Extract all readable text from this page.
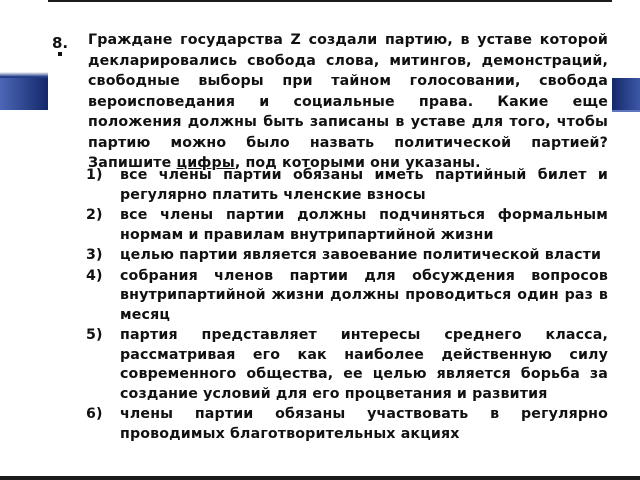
8. Граждане государства Z создали партию, в уставе которой декларировались свобода слова, митингов, демонстраций, свободные выборы при тайном голосовании, свобода вероисповедания и социальные права. Какие еще положения должны быть записаны в уставе для того, чтобы партию можно было назвать политической партией? Запишите цифры, под которыми они указаны.

1) все члены партии обязаны иметь партийный билет и регулярно платить членские взносы
2) все члены партии должны подчиняться формальным нормам и правилам внутрипартийной жизни
3) целью партии является завоевание политической власти
4) собрания членов партии для обсуждения вопросов внутрипартийной жизни должны проводиться один раз в месяц
5) партия представляет интересы среднего класса, рассматривая его как наиболее действенную силу современного общества, ее целью является борьба за создание условий для его процветания и развития
6) члены партии обязаны участвовать в регулярно проводимых благотворительных акциях
